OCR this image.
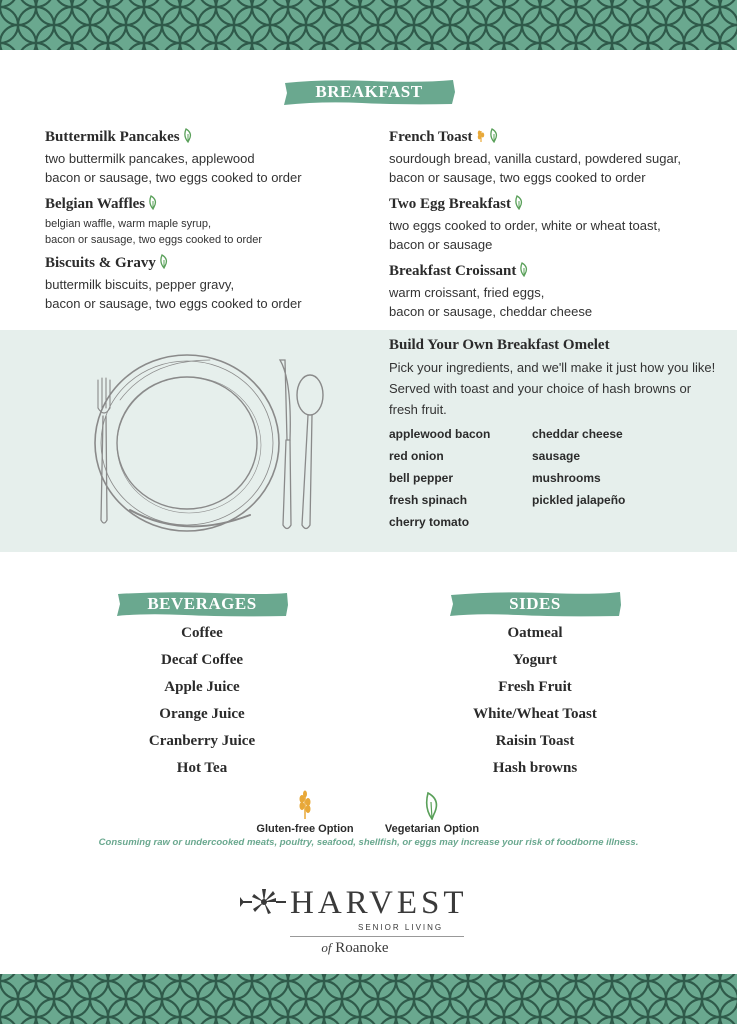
BREAKFAST
Buttermilk Pancakes
two buttermilk pancakes, applewood
bacon or sausage, two eggs cooked to order
Belgian Waffles
belgian waffle, warm maple syrup,
bacon or sausage, two eggs cooked to order
Biscuits & Gravy
buttermilk biscuits, pepper gravy,
bacon or sausage, two eggs cooked to order
French Toast
sourdough bread, vanilla custard, powdered sugar,
bacon or sausage, two eggs cooked to order
Two Egg Breakfast
two eggs cooked to order, white or wheat toast,
bacon or sausage
Breakfast Croissant
warm croissant, fried eggs,
bacon or sausage, cheddar cheese
Build Your Own Breakfast Omelet
Pick your ingredients, and we'll make it just how you like! Served with toast and your choice of hash browns or fresh fruit.
applewood bacon
red onion
bell pepper
fresh spinach
cherry tomato
cheddar cheese
sausage
mushrooms
pickled jalapeño
BEVERAGES
Coffee
Decaf Coffee
Apple Juice
Orange Juice
Cranberry Juice
Hot Tea
SIDES
Oatmeal
Yogurt
Fresh Fruit
White/Wheat Toast
Raisin Toast
Hash browns
Gluten-free Option	Vegetarian Option
Consuming raw or undercooked meats, poultry, seafood, shellfish, or eggs may increase your risk of foodborne illness.
HARVEST
SENIOR LIVING
of Roanoke
